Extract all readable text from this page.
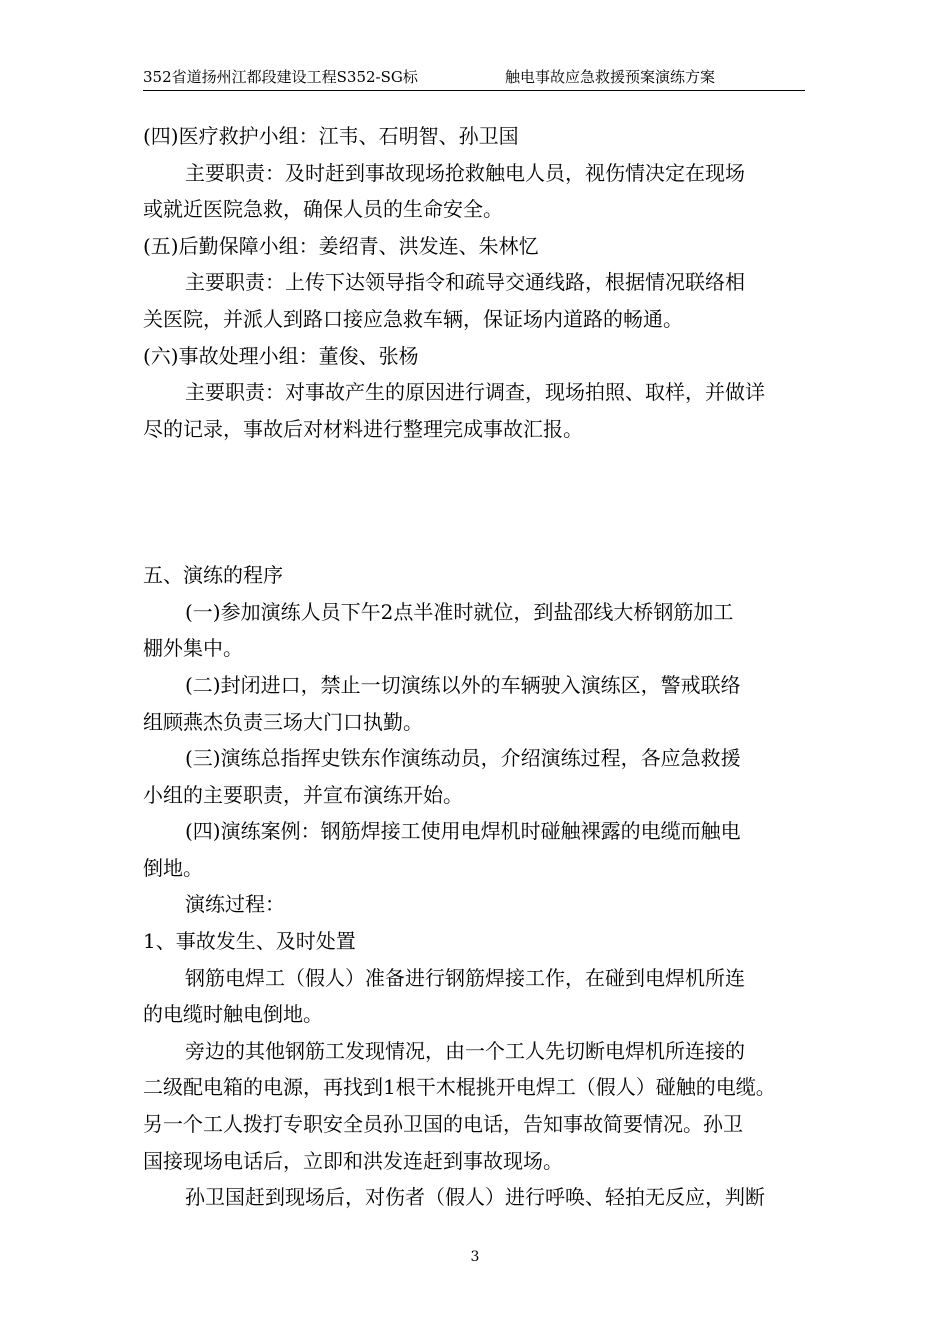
352省道扬州江都段建设工程S352-SG标	触电事故应急救援预案演练方案
(四)医疗救护小组：江韦、石明智、孙卫国
主要职责：及时赶到事故现场抢救触电人员，视伤情决定在现场
或就近医院急救，确保人员的生命安全。
(五)后勤保障小组：姜绍青、洪发连、朱林忆
主要职责：上传下达领导指令和疏导交通线路，根据情况联络相
关医院，并派人到路口接应急救车辆，保证场内道路的畅通。
(六)事故处理小组：董俊、张杨
主要职责：对事故产生的原因进行调查，现场拍照、取样，并做详
尽的记录，事故后对材料进行整理完成事故汇报。
五、演练的程序
(一)参加演练人员下午2点半准时就位，到盐邵线大桥钢筋加工
棚外集中。
(二)封闭进口，禁止一切演练以外的车辆驶入演练区，警戒联络
组顾燕杰负责三场大门口执勤。
(三)演练总指挥史铁东作演练动员，介绍演练过程，各应急救援
小组的主要职责，并宣布演练开始。
(四)演练案例：钢筋焊接工使用电焊机时碰触裸露的电缆而触电
倒地。
演练过程：
1、事故发生、及时处置
钢筋电焊工（假人）准备进行钢筋焊接工作，在碰到电焊机所连
的电缆时触电倒地。
旁边的其他钢筋工发现情况，由一个工人先切断电焊机所连接的
二级配电箱的电源，再找到1根干木棍挑开电焊工（假人）碰触的电缆。
另一个工人拨打专职安全员孙卫国的电话，告知事故简要情况。孙卫
国接现场电话后，立即和洪发连赶到事故现场。
孙卫国赶到现场后，对伤者（假人）进行呼唤、轻拍无反应，判断
3
